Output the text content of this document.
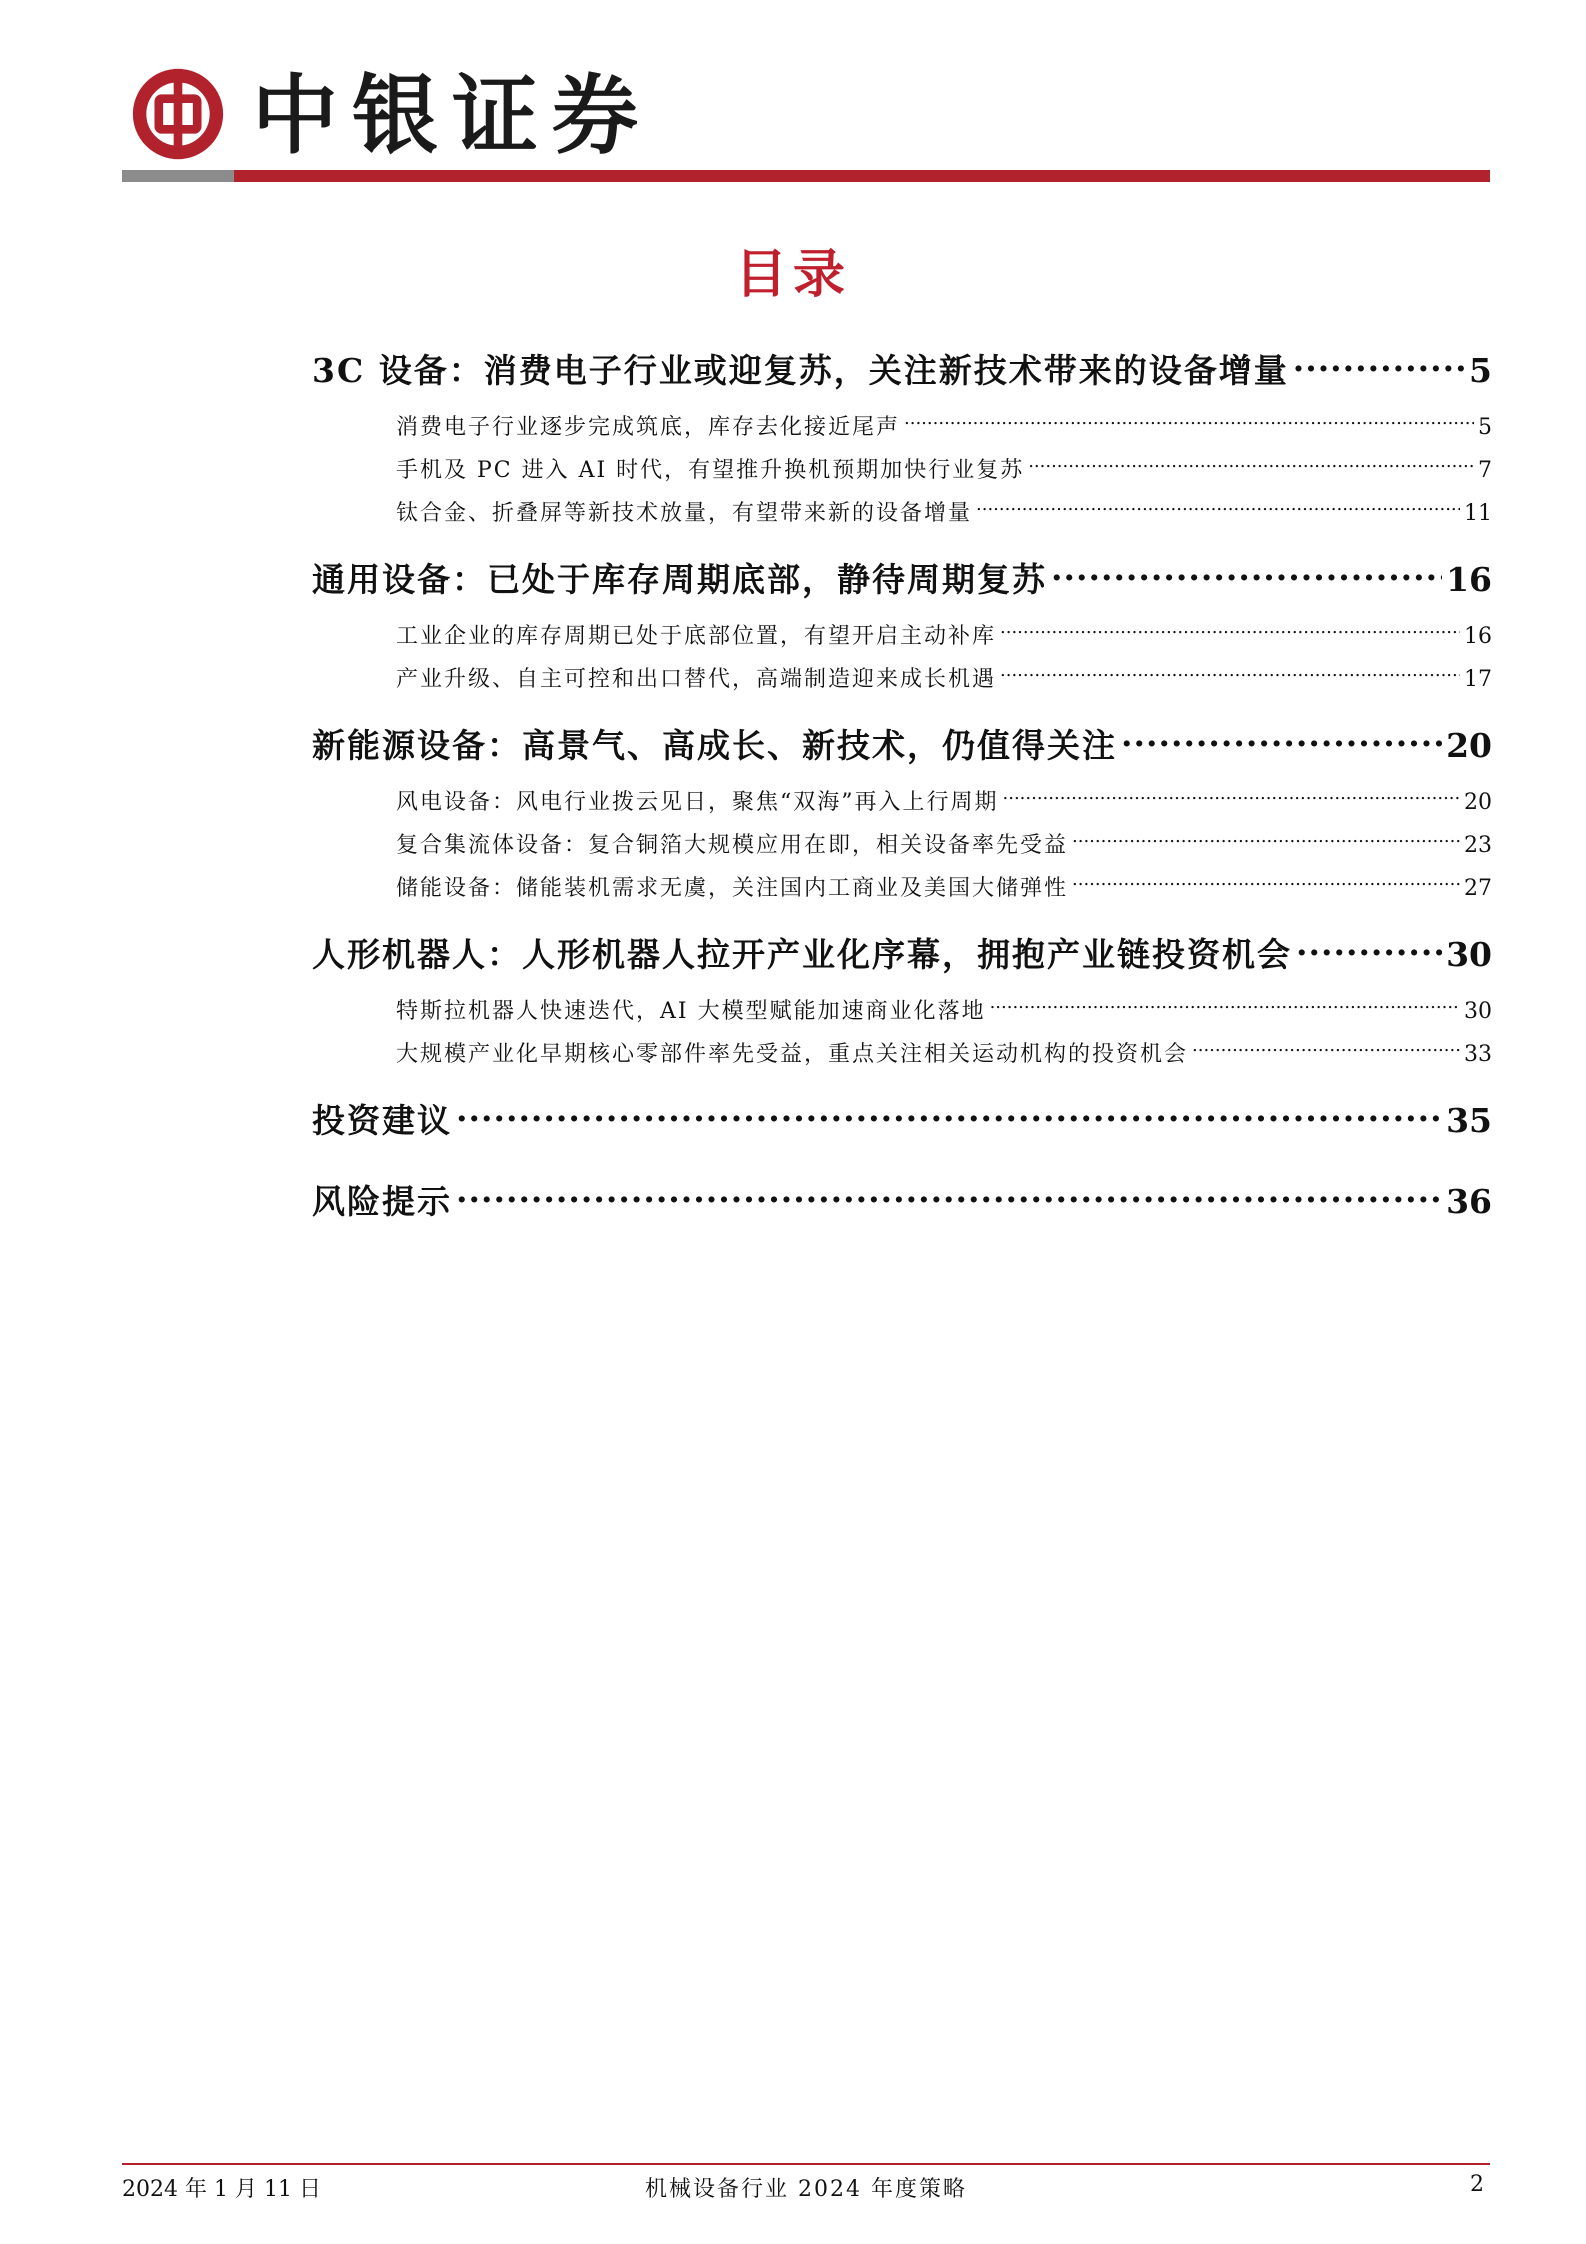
中银证券
目录
3C 设备：消费电子行业或迎复苏，关注新技术带来的设备增量 .....	5
消费电子行业逐步完成筑底，库存去化接近尾声 .....	5
手机及 PC 进入 AI 时代，有望推升换机预期加快行业复苏 .....	7
钛合金、折叠屏等新技术放量，有望带来新的设备增量 .....	11
通用设备：已处于库存周期底部，静待周期复苏 .....	16
工业企业的库存周期已处于底部位置，有望开启主动补库 .....	16
产业升级、自主可控和出口替代，高端制造迎来成长机遇 .....	17
新能源设备：高景气、高成长、新技术，仍值得关注 .....	20
风电设备：风电行业拨云见日，聚焦“双海”再入上行周期 .....	20
复合集流体设备：复合铜箔大规模应用在即，相关设备率先受益 .....	23
储能设备：储能装机需求无虞，关注国内工商业及美国大储弹性 .....	27
人形机器人：人形机器人拉开产业化序幕，拥抱产业链投资机会 .....	30
特斯拉机器人快速迭代，AI 大模型赋能加速商业化落地 .....	30
大规模产业化早期核心零部件率先受益，重点关注相关运动机构的投资机会 .....	33
投资建议 .....	35
风险提示 .....	36
2024 年 1 月 11 日	机械设备行业 2024 年度策略	2
